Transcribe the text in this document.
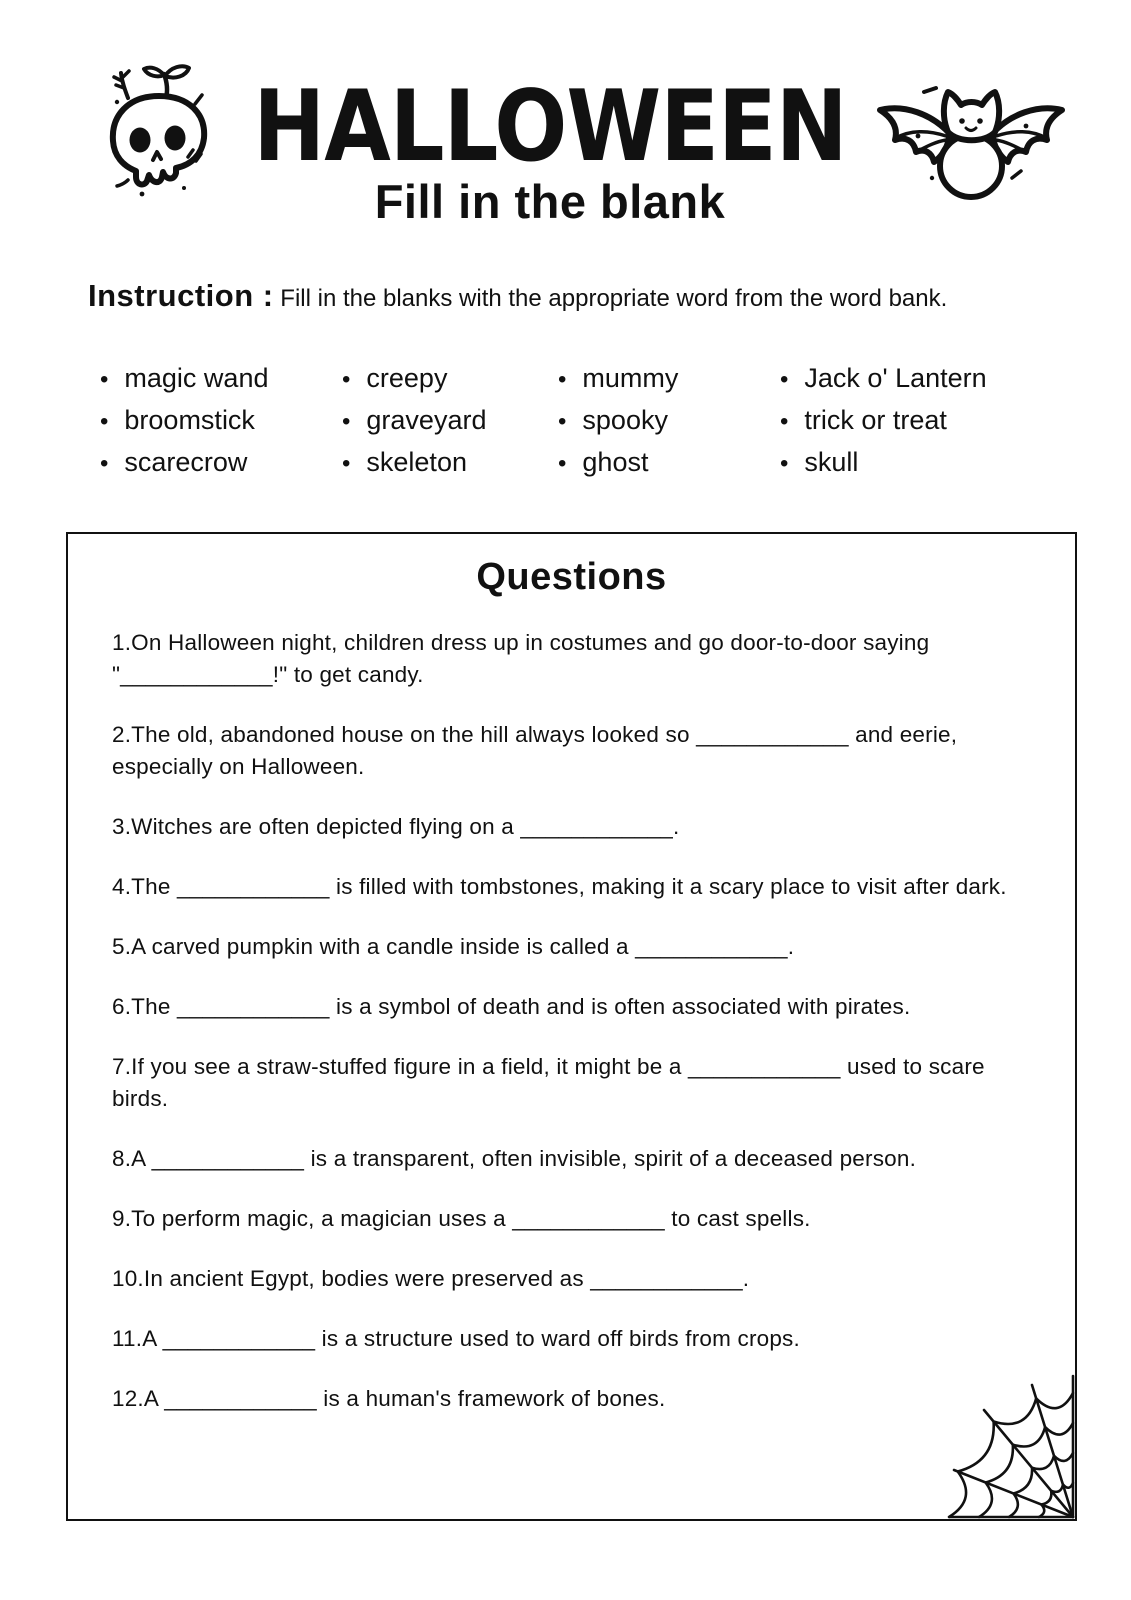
HALLOWEEN
Fill in the blank

Instruction : Fill in the blanks with the appropriate word from the word bank.

• magic wand
• broomstick
• scarecrow
• creepy
• graveyard
• skeleton
• mummy
• spooky
• ghost
• Jack o' Lantern
• trick or treat
• skull
Questions

1.On Halloween night, children dress up in costumes and go door-to-door saying "____________!" to get candy.

2.The old, abandoned house on the hill always looked so ____________ and eerie, especially on Halloween.

3.Witches are often depicted flying on a ____________.

4.The ____________ is filled with tombstones, making it a scary place to visit after dark.

5.A carved pumpkin with a candle inside is called a ____________.

6.The ____________ is a symbol of death and is often associated with pirates.

7.If you see a straw-stuffed figure in a field, it might be a ____________ used to scare birds.

8.A ____________ is a transparent, often invisible, spirit of a deceased person.

9.To perform magic, a magician uses a ____________ to cast spells.

10.In ancient Egypt, bodies were preserved as ____________.

11.A ____________ is a structure used to ward off birds from crops.

12.A ____________ is a human's framework of bones.
